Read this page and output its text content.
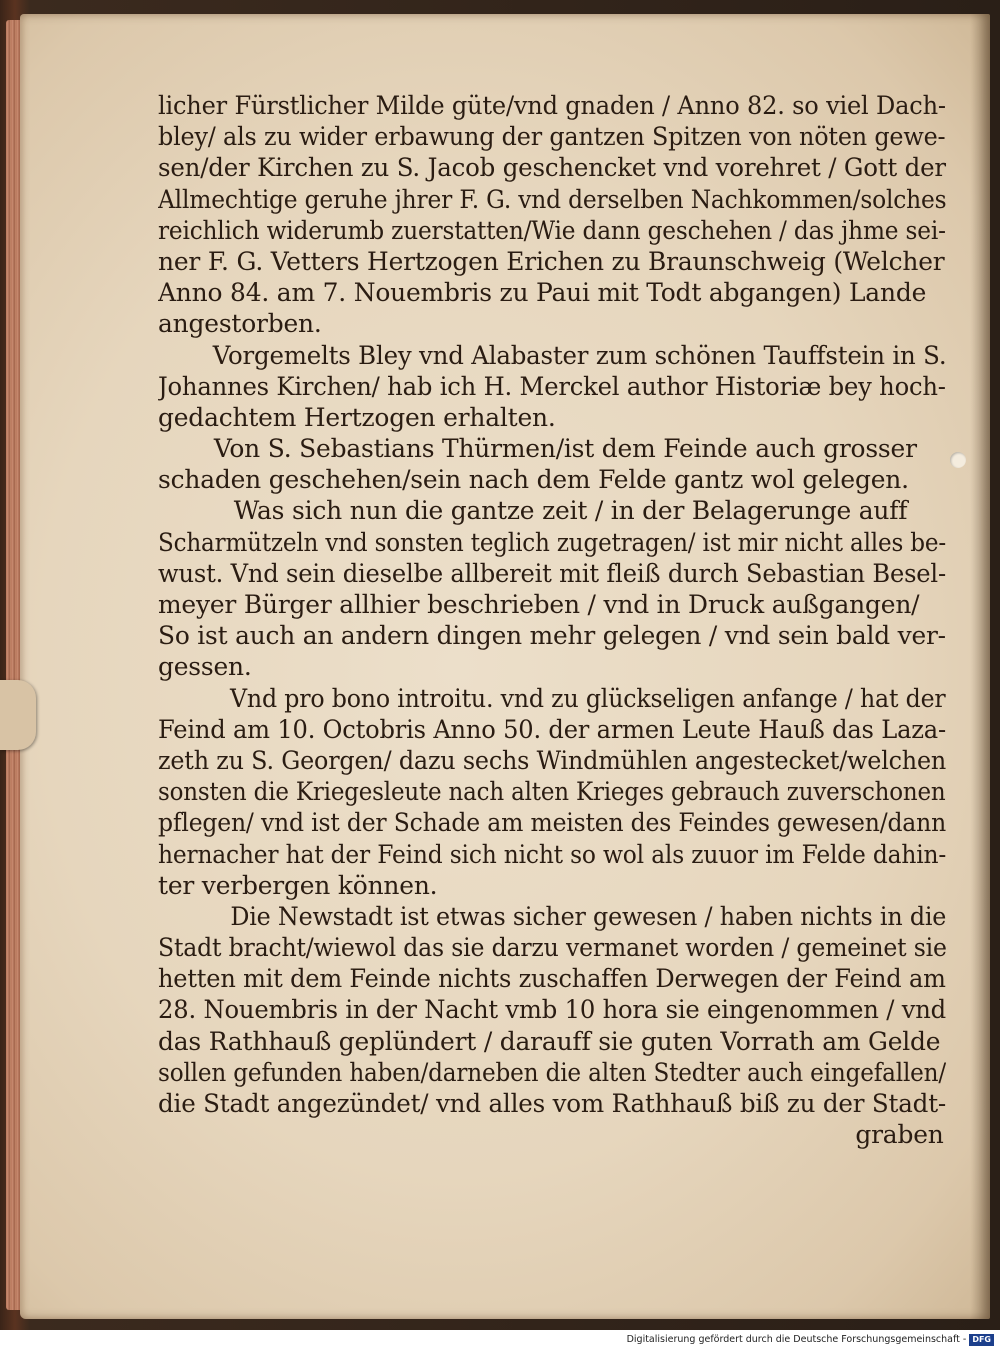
licher Fürstlicher Milde güte/vnd gnaden / Anno 82. so viel Dach-
bley/ als zu wider erbawung der gantzen Spitzen von nöten gewe-
sen/der Kirchen zu S. Jacob geschencket vnd vorehret / Gott der
Allmechtige geruhe jhrer F. G. vnd derselben Nachkommen/solches
reichlich widerumb zuerstatten/Wie dann geschehen / das jhme sei-
ner F. G. Vetters Hertzogen Erichen zu Braunschweig (Welcher
Anno 84. am 7. Nouembris zu Paui mit Todt abgangen) Lande
angestorben.
Vorgemelts Bley vnd Alabaster zum schönen Tauffstein in S.
Johannes Kirchen/ hab ich H. Merckel author Historiæ bey hoch-
gedachtem Hertzogen erhalten.
Von S. Sebastians Thürmen/ist dem Feinde auch grosser
schaden geschehen/sein nach dem Felde gantz wol gelegen.
Was sich nun die gantze zeit / in der Belagerunge auff
Scharmützeln vnd sonsten teglich zugetragen/ ist mir nicht alles be-
wust. Vnd sein dieselbe allbereit mit fleiß durch Sebastian Besel-
meyer Bürger allhier beschrieben / vnd in Druck außgangen/
So ist auch an andern dingen mehr gelegen / vnd sein bald ver-
gessen.
Vnd pro bono introitu. vnd zu glückseligen anfange / hat der
Feind am 10. Octobris Anno 50. der armen Leute Hauß das Laza-
zeth zu S. Georgen/ dazu sechs Windmühlen angestecket/welchen
sonsten die Kriegesleute nach alten Krieges gebrauch zuverschonen
pflegen/ vnd ist der Schade am meisten des Feindes gewesen/dann
hernacher hat der Feind sich nicht so wol als zuuor im Felde dahin-
ter verbergen können.
Die Newstadt ist etwas sicher gewesen / haben nichts in die
Stadt bracht/wiewol das sie darzu vermanet worden / gemeinet sie
hetten mit dem Feinde nichts zuschaffen Derwegen der Feind am
28. Nouembris in der Nacht vmb 10 hora sie eingenommen / vnd
das Rathhauß geplündert / darauff sie guten Vorrath am Gelde
sollen gefunden haben/darneben die alten Stedter auch eingefallen/
die Stadt angezündet/ vnd alles vom Rathhauß biß zu der Stadt-
graben
Digitalisierung gefördert durch die Deutsche Forschungsgemeinschaft - DFG
